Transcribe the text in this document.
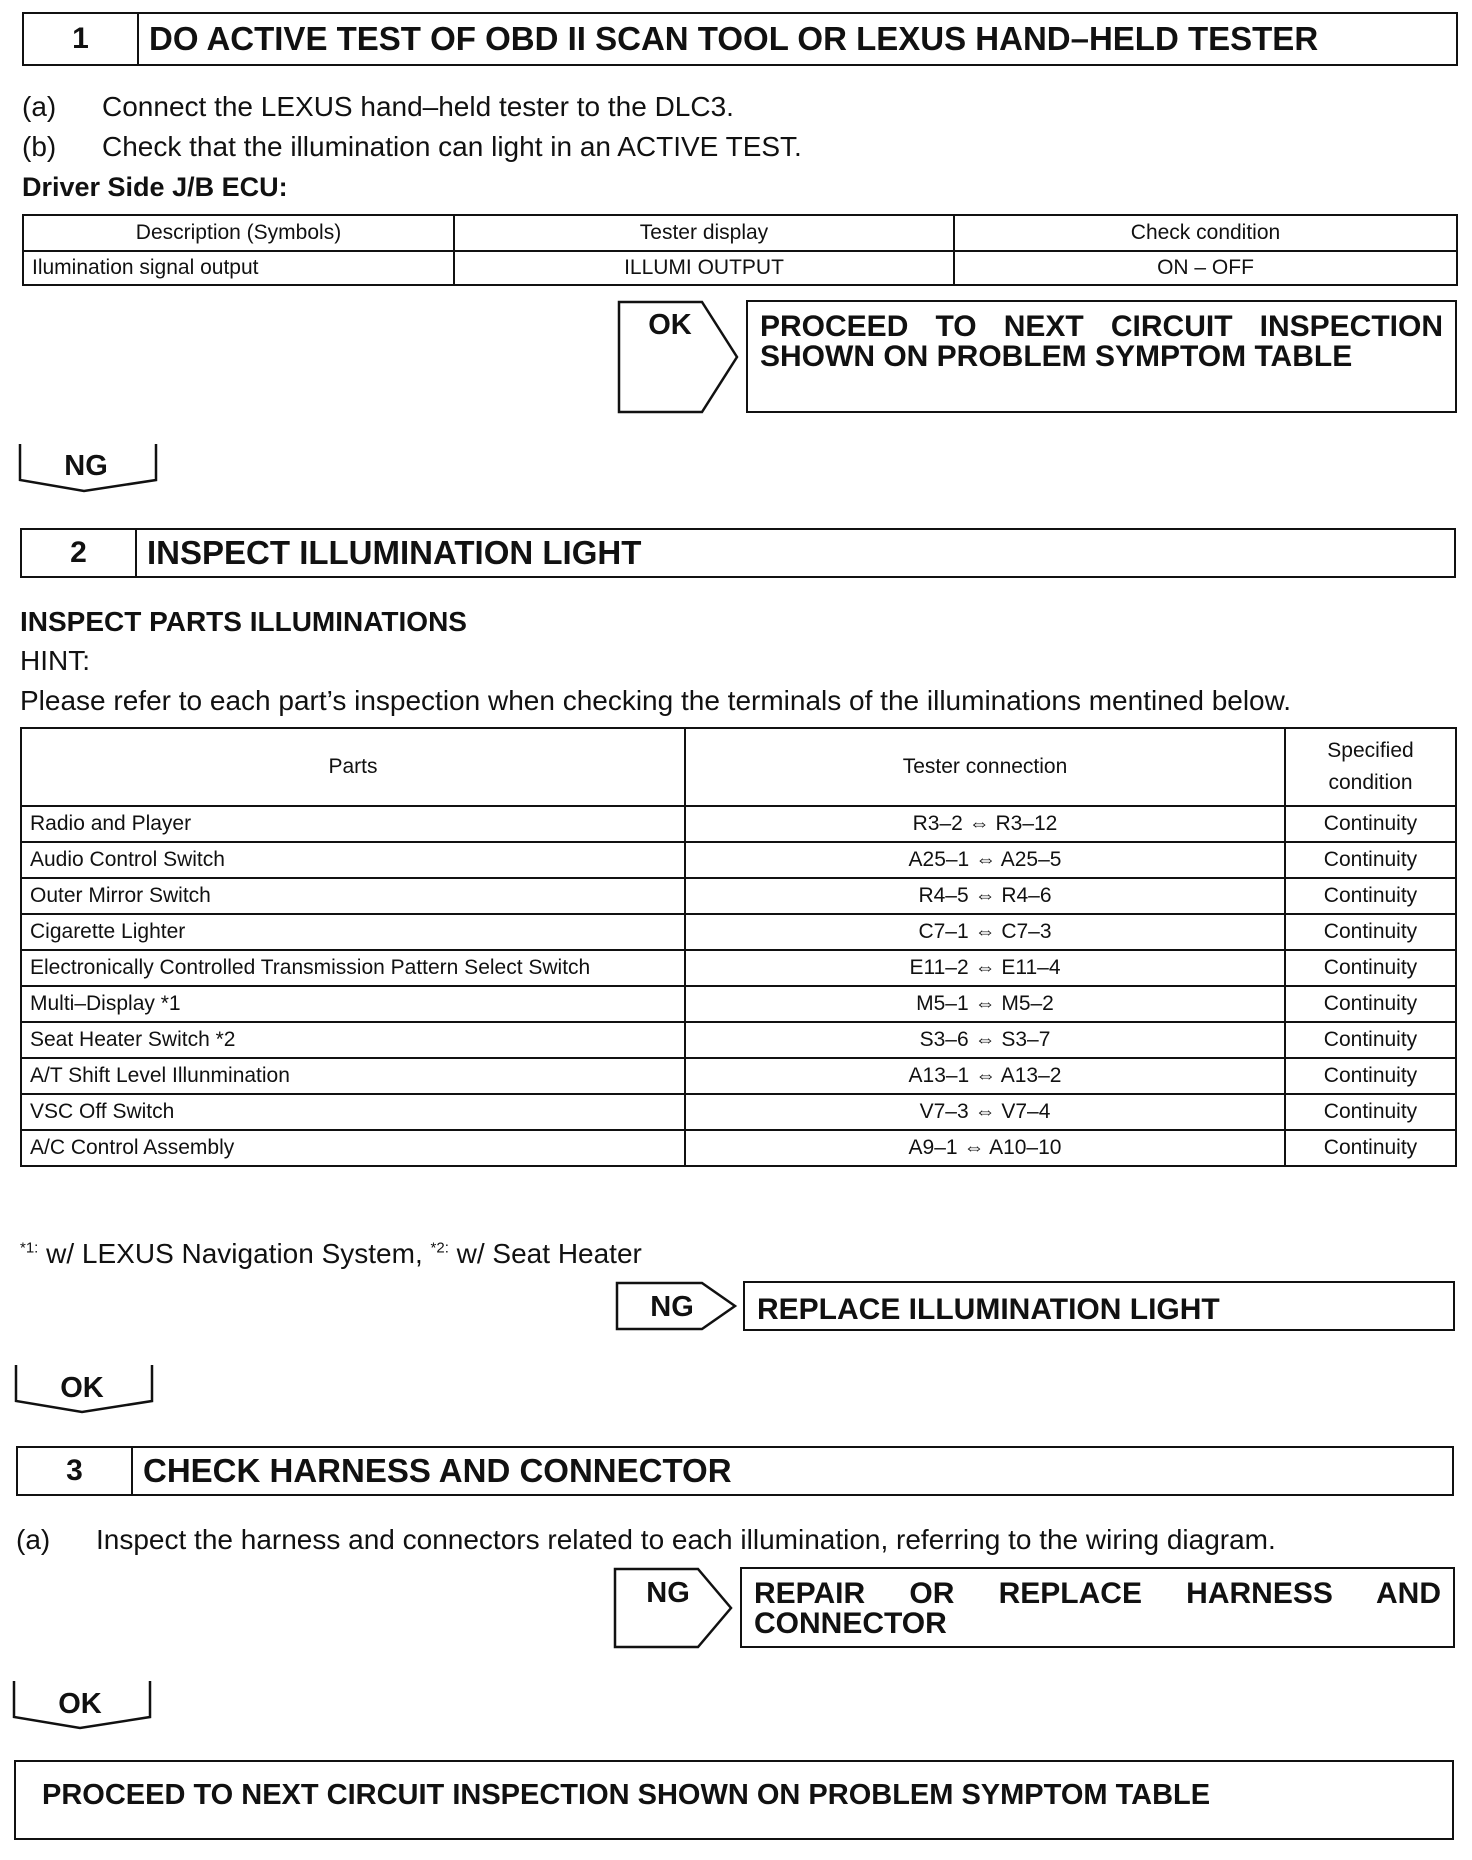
1	DO ACTIVE TEST OF OBD II SCAN TOOL OR LEXUS HAND–HELD TESTER
(a) Connect the LEXUS hand–held tester to the DLC3.
(b) Check that the illumination can light in an ACTIVE TEST.
Driver Side J/B ECU:
Description (Symbols)	Tester display	Check condition
Ilumination signal output	ILLUMI OUTPUT	ON – OFF
OK PROCEED TO NEXT CIRCUIT INSPECTION
SHOWN ON PROBLEM SYMPTOM TABLE
NG
2	INSPECT ILLUMINATION LIGHT
INSPECT PARTS ILLUMINATIONS
HINT:
Please refer to each part’s inspection when checking the terminals of the illuminations mentined below.
Parts	Tester connection	Specified
condition

Radio and Player	R3–2 ⇔ R3–12	Continuity
Audio Control Switch	A25–1 ⇔ A25–5	Continuity
Outer Mirror Switch	R4–5 ⇔ R4–6	Continuity
Cigarette Lighter	C7–1 ⇔ C7–3	Continuity
Electronically Controlled Transmission Pattern Select Switch	E11–2 ⇔ E11–4	Continuity
Multi–Display *1	M5–1 ⇔ M5–2	Continuity
Seat Heater Switch *2	S3–6 ⇔ S3–7	Continuity
A/T Shift Level Illunmination	A13–1 ⇔ A13–2	Continuity
VSC Off Switch	V7–3 ⇔ V7–4	Continuity
A/C Control Assembly	A9–1 ⇔ A10–10	Continuity
$^{*1:}$ w/ LEXUS Navigation System, $^{*2:}$ w/ Seat Heater
NG	REPLACE ILLUMINATION LIGHT
OK
3	CHECK HARNESS AND CONNECTOR
(a) Inspect the harness and connectors related to each illumination, referring to the wiring diagram.
NG	REPAIR OR REPLACE HARNESS AND
CONNECTOR
OK
PROCEED TO NEXT CIRCUIT INSPECTION SHOWN ON PROBLEM SYMPTOM TABLE
